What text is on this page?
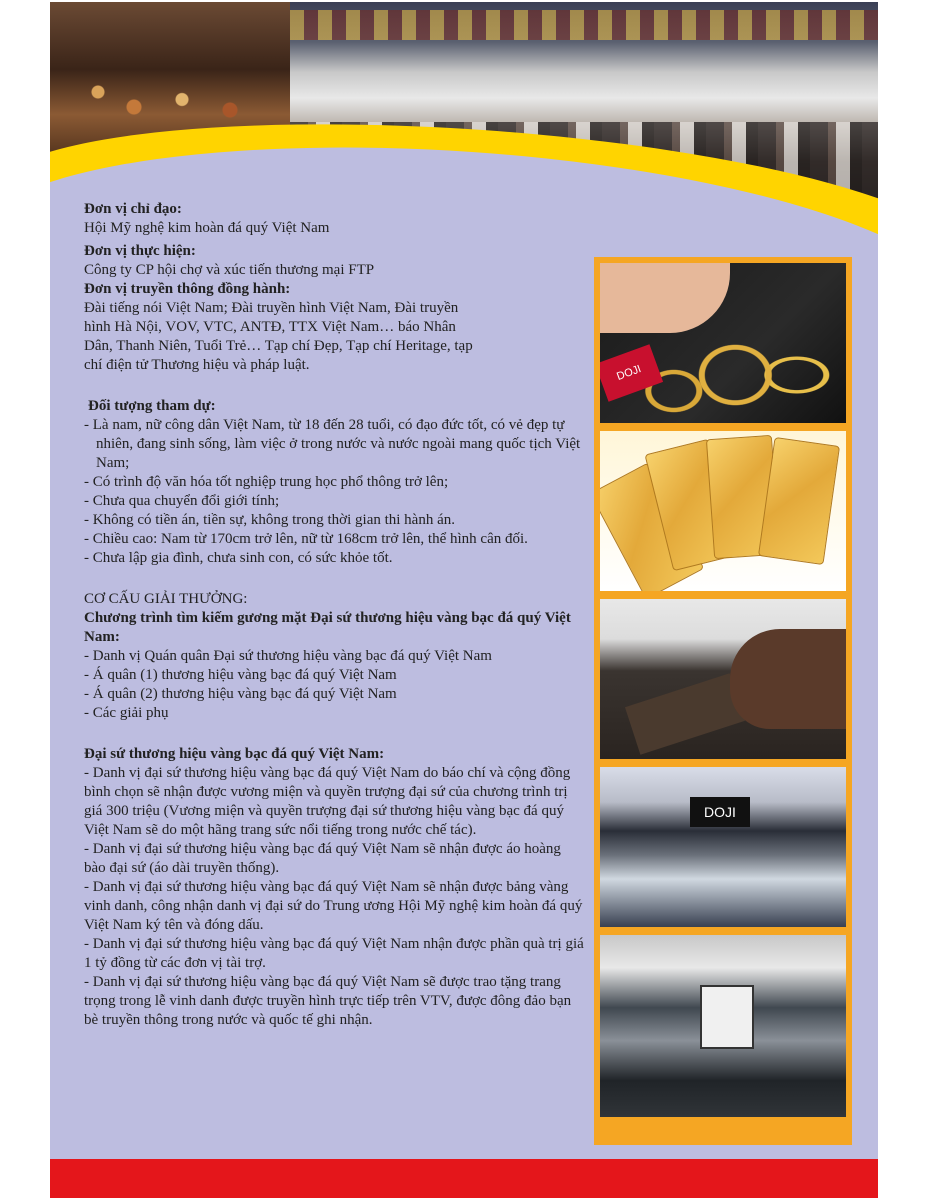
Đơn vị chỉ đạo:

Hội Mỹ nghệ kim hoàn đá quý Việt Nam

Đơn vị thực hiện:

Công ty CP hội chợ và xúc tiến thương mại FTP

Đơn vị truyền thông đồng hành:

Đài tiếng nói Việt Nam; Đài truyền hình Việt Nam, Đài truyền

hình Hà Nội, VOV, VTC, ANTĐ, TTX Việt Nam… báo Nhân

Dân, Thanh Niên, Tuổi Trẻ… Tạp chí Đẹp, Tạp chí Heritage, tạp

chí điện tử Thương hiệu và pháp luật.

Đối tượng tham dự:

- Là nam, nữ công dân Việt Nam, từ 18 đến 28 tuổi, có đạo đức tốt, có vẻ đẹp tự nhiên, đang sinh sống, làm việc ở trong nước và nước ngoài mang quốc tịch Việt Nam;

- Có trình độ văn hóa tốt nghiệp trung học phổ thông trở lên;

- Chưa qua chuyển đổi giới tính;

- Không có tiền án, tiền sự, không trong thời gian thi hành án.

- Chiều cao: Nam từ 170cm trở lên, nữ từ 168cm trở lên, thể hình cân đối.

- Chưa lập gia đình, chưa sinh con, có sức khỏe tốt.

CƠ CẤU GIẢI THƯỞNG:

Chương trình tìm kiếm gương mặt Đại sứ thương hiệu vàng bạc đá quý Việt Nam:

- Danh vị Quán quân Đại sứ thương hiệu vàng bạc đá quý Việt Nam

- Á quân (1) thương hiệu vàng bạc đá quý Việt Nam

- Á quân (2) thương hiệu vàng bạc đá quý Việt Nam

- Các giải phụ

Đại sứ thương hiệu vàng bạc đá quý Việt Nam:

- Danh vị đại sứ thương hiệu vàng bạc đá quý Việt Nam do báo chí và cộng đồng bình chọn sẽ nhận được vương miện và quyền trượng đại sứ của chương trình trị giá 300 triệu (Vương miện và quyền trượng đại sứ thương hiệu vàng bạc đá quý Việt Nam sẽ do một hãng trang sức nổi tiếng trong nước chế tác).

- Danh vị đại sứ thương hiệu vàng bạc đá quý Việt Nam sẽ nhận được áo hoàng bào đại sứ (áo dài truyền thống).

- Danh vị đại sứ thương hiệu vàng bạc đá quý Việt Nam sẽ nhận được bảng vàng vinh danh, công nhận danh vị đại sứ do Trung ương Hội Mỹ nghệ kim hoàn đá quý Việt Nam ký tên và đóng dấu.

- Danh vị đại sứ thương hiệu vàng bạc đá quý Việt Nam nhận được phần quà trị giá 1 tỷ đồng từ các đơn vị tài trợ.

- Danh vị đại sứ thương hiệu vàng bạc đá quý Việt Nam sẽ được trao tặng trang trọng trong lễ vinh danh được truyền hình trực tiếp trên VTV, được đông đảo bạn bè truyền thông trong nước và quốc tế ghi nhận.

DOJI
DOJI
